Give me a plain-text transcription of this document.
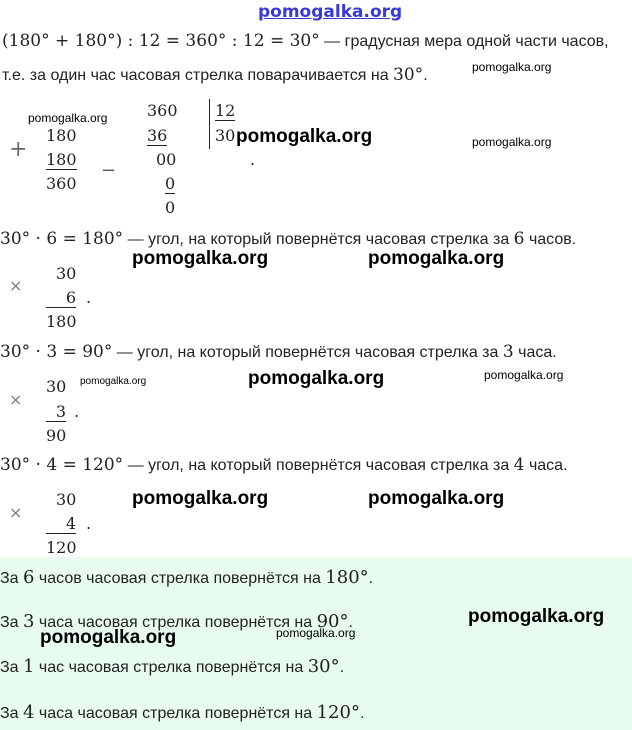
pomogalka.org
(180° + 180°) : 12 = 360° : 12 = 30° — градусная мера одной части часов,
т.е. за один час часовая стрелка поварачивается на 30°.	pomogalka.org
pomogalka.org
+
180
180
360
−
360
36
00
0
0
12
30 pomogalka.org
.
pomogalka.org
30° · 6 = 180° — угол, на который повернётся часовая стрелка за 6 часов.
pomogalka.org	pomogalka.org
×
30
6 .
180
30° · 3 = 90° — угол, на который повернётся часовая стрелка за 3 часа.
×
30 pomogalka.org	pomogalka.org	pomogalka.org
3 .
90
30° · 4 = 120° — угол, на который повернётся часовая стрелка за 4 часа.
pomogalka.org	pomogalka.org
×
30
4 .
120
За 6 часов часовая стрелка повернётся на 180°.
За 3 часа часовая стрелка повернётся на 90°.
За 1 час часовая стрелка повернётся на 30°.
За 4 часа часовая стрелка повернётся на 120°.
pomogalka.org
pomogalka.org	pomogalka.org
